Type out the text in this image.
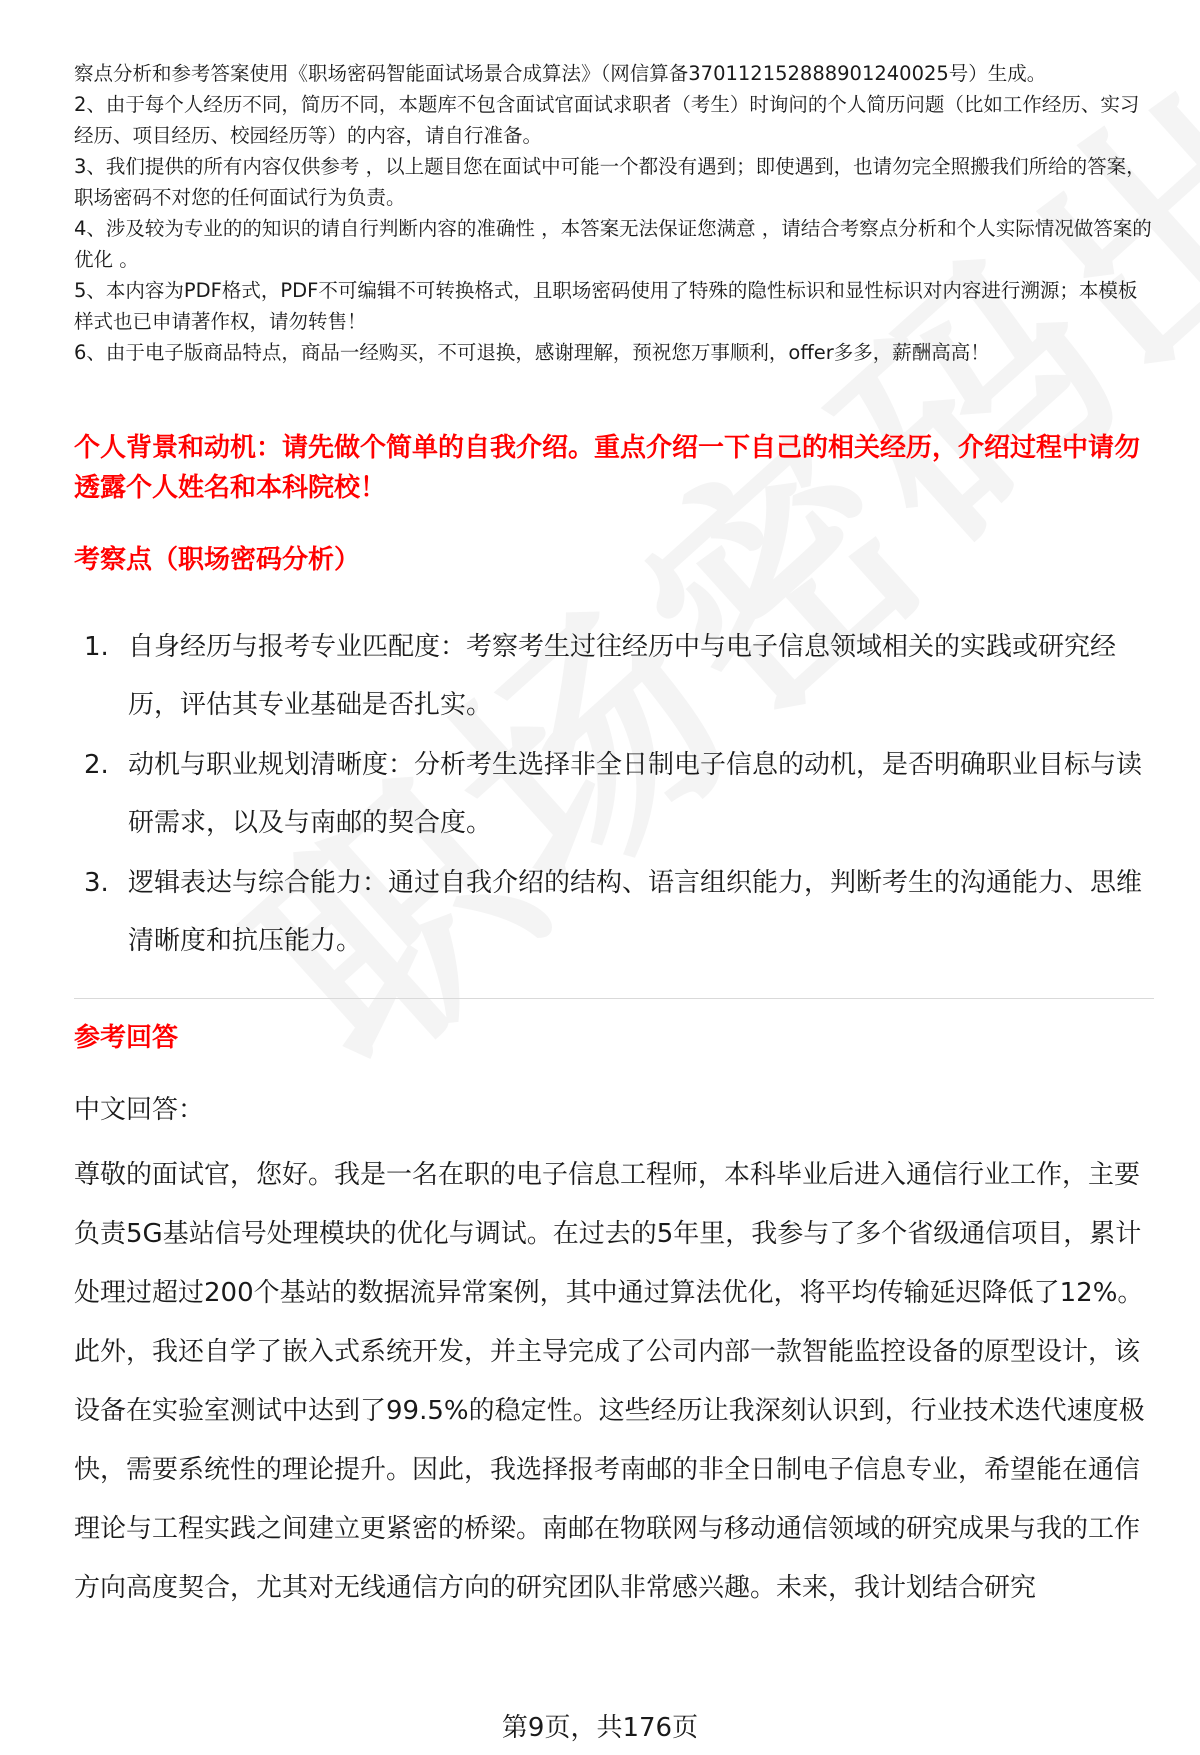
察点分析和参考答案使用《职场密码智能面试场景合成算法》（网信算备370112152888901240025号）生成。

2、由于每个人经历不同，简历不同，本题库不包含面试官面试求职者（考生）时询问的个人简历问题（比如工作经历、实习经历、项目经历、校园经历等）的内容，请自行准备。

3、我们提供的所有内容仅供参考 ，以上题目您在面试中可能一个都没有遇到；即使遇到，也请勿完全照搬我们所给的答案，职场密码不对您的任何面试行为负责。

4、涉及较为专业的的知识的请自行判断内容的准确性 ，本答案无法保证您满意 ，请结合考察点分析和个人实际情况做答案的优化 。

5、本内容为PDF格式，PDF不可编辑不可转换格式，且职场密码使用了特殊的隐性标识和显性标识对内容进行溯源；本模板样式也已申请著作权，请勿转售！

6、由于电子版商品特点，商品一经购买，不可退换，感谢理解，预祝您万事顺利，offer多多，薪酬高高！

个人背景和动机：请先做个简单的自我介绍。重点介绍一下自己的相关经历，介绍过程中请勿透露个人姓名和本科院校！
考察点（职场密码分析）
1. 自身经历与报考专业匹配度：考察考生过往经历中与电子信息领域相关的实践或研究经历，评估其专业基础是否扎实。
2. 动机与职业规划清晰度：分析考生选择非全日制电子信息的动机，是否明确职业目标与读研需求，以及与南邮的契合度。
3. 逻辑表达与综合能力：通过自我介绍的结构、语言组织能力，判断考生的沟通能力、思维清晰度和抗压能力。
参考回答
中文回答：

尊敬的面试官，您好。我是一名在职的电子信息工程师，本科毕业后进入通信行业工作，主要负责5G基站信号处理模块的优化与调试。在过去的5年里，我参与了多个省级通信项目，累计处理过超过200个基站的数据流异常案例，其中通过算法优化，将平均传输延迟降低了12%。此外，我还自学了嵌入式系统开发，并主导完成了公司内部一款智能监控设备的原型设计，该设备在实验室测试中达到了99.5%的稳定性。这些经历让我深刻认识到，行业技术迭代速度极快，需要系统性的理论提升。因此，我选择报考南邮的非全日制电子信息专业，希望能在通信理论与工程实践之间建立更紧密的桥梁。南邮在物联网与移动通信领域的研究成果与我的工作方向高度契合，尤其对无线通信方向的研究团队非常感兴趣。未来，我计划结合研究

第9页，共176页
